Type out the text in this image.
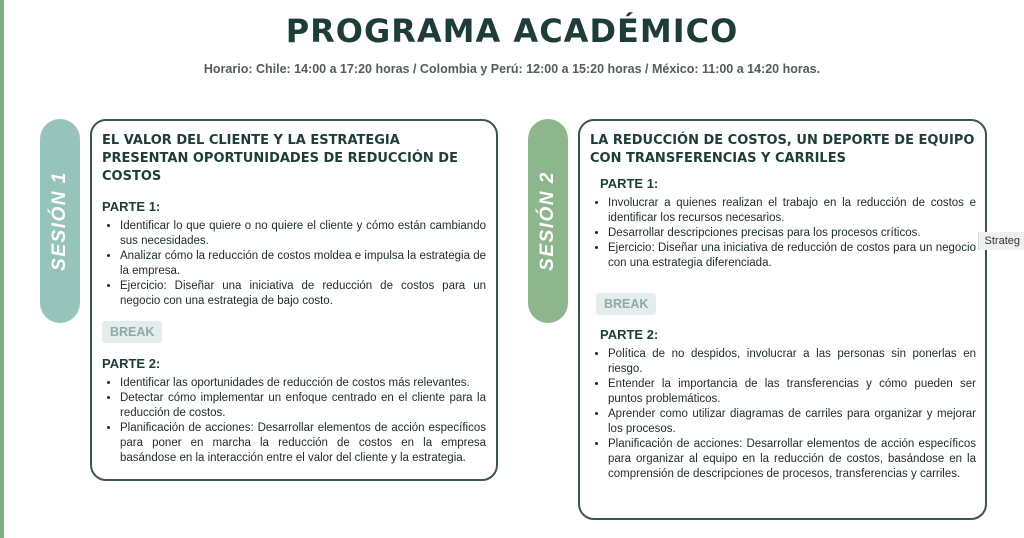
PROGRAMA ACADÉMICO
Horario: Chile: 14:00 a 17:20 horas / Colombia y Perú: 12:00 a 15:20 horas / México: 11:00 a 14:20 horas.
SESIÓN 1
EL VALOR DEL CLIENTE Y LA ESTRATEGIA PRESENTAN OPORTUNIDADES DE REDUCCIÓN DE COSTOS
PARTE 1:
• Identificar lo que quiere o no quiere el cliente y cómo están cambiando sus necesidades.
• Analizar cómo la reducción de costos moldea e impulsa la estrategia de la empresa.
• Ejercicio: Diseñar una iniciativa de reducción de costos para un negocio con una estrategia de bajo costo.
BREAK
PARTE 2:
• Identificar las oportunidades de reducción de costos más relevantes.
• Detectar cómo implementar un enfoque centrado en el cliente para la reducción de costos.
• Planificación de acciones: Desarrollar elementos de acción específicos para poner en marcha la reducción de costos en la empresa basándose en la interacción entre el valor del cliente y la estrategia.
SESIÓN 2
LA REDUCCIÓN DE COSTOS, UN DEPORTE DE EQUIPO CON TRANSFERENCIAS Y CARRILES
PARTE 1:
• Involucrar a quienes realizan el trabajo en la reducción de costos e identificar los recursos necesarios.
• Desarrollar descripciones precisas para los procesos críticos.
• Ejercicio: Diseñar una iniciativa de reducción de costos para un negocio con una estrategia diferenciada.
BREAK
PARTE 2:
• Política de no despidos, involucrar a las personas sin ponerlas en riesgo.
• Entender la importancia de las transferencias y cómo pueden ser puntos problemáticos.
• Aprender como utilizar diagramas de carriles para organizar y mejorar los procesos.
• Planificación de acciones: Desarrollar elementos de acción específicos para organizar al equipo en la reducción de costos, basándose en la comprensión de descripciones de procesos, transferencias y carriles.
Strateg
